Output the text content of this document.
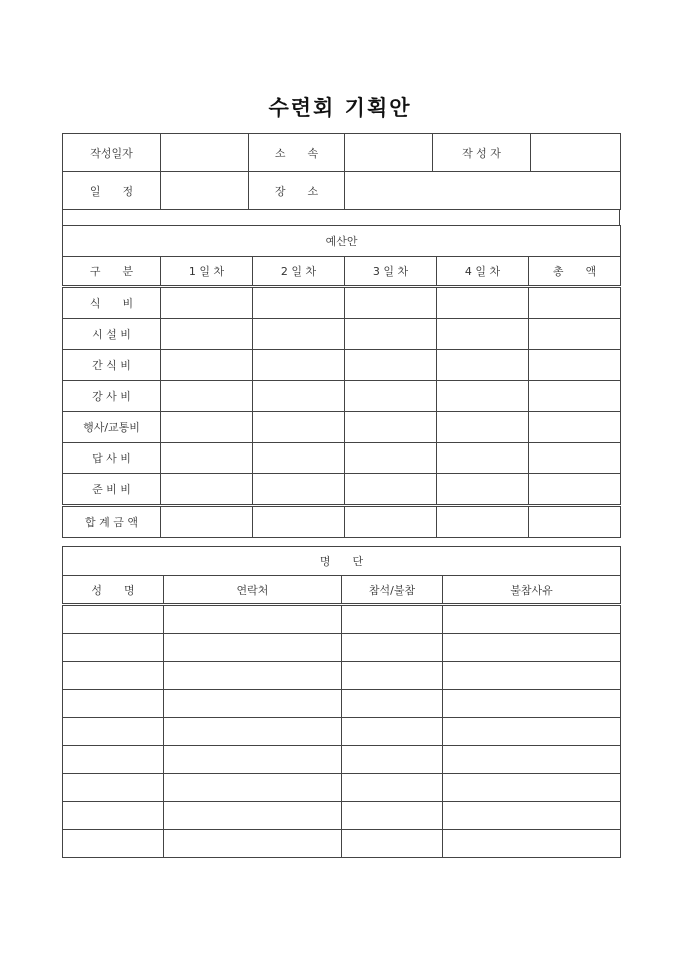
수련회 기획안
작성일자		소　　속		작 성 자	
일　　정		장　　소			
예산안					
구　　분	1 일 차	2 일 차	3 일 차	4 일 차	총　　액
식　　비					
시 설 비					
간 식 비					
강 사 비					
행사/교통비					
답 사 비					
준 비 비					
합 계 금 액					
명　　단			
성　　명	연락처	참석/불참	불참사유
